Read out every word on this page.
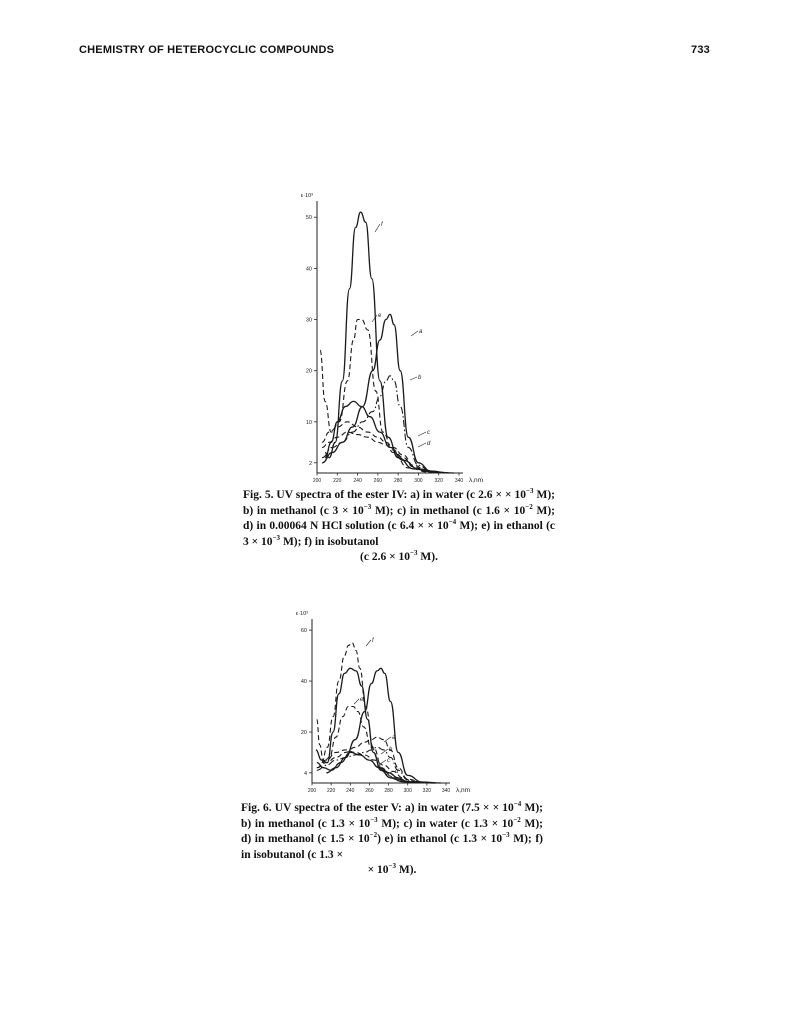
CHEMISTRY OF HETEROCYCLIC COMPOUNDS	733
ε·10³
2
10
20
30
40
50
200 220 240 260 280 300 320 340 λ,nm
f
e
a
b
c
d
Fig. 5. UV spectra of the ester IV: a) in water (c 2.6 × × $10^{-3}$ M); b) in methanol (c $3 \times 10^{-3}$ M); c) in methanol (c $1.6 \times 10^{-2}$ M); d) in 0.00064 N HCl solution (c 6.4 × × $10^{-4}$ M); e) in ethanol (c $3 \times 10^{-3}$ M); f) in isobutanol
(c $2.6 \times 10^{-3}$ M).
ε·10³
4
20
40
60
200 220 240 260 280 300 320 340 λ,nm
f
e
a
b
c
d
Fig. 6. UV spectra of the ester V: a) in water (7.5 × × $10^{-4}$ M); b) in methanol (c $1.3 \times 10^{-3}$ M); c) in water (c $1.3 \times 10^{-2}$ M); d) in methanol (c $1.5 \times 10^{-2}$) e) in ethanol (c $1.3 \times 10^{-3}$ M); f) in isobutanol (c 1.3 ×
× $10^{-3}$ M).
